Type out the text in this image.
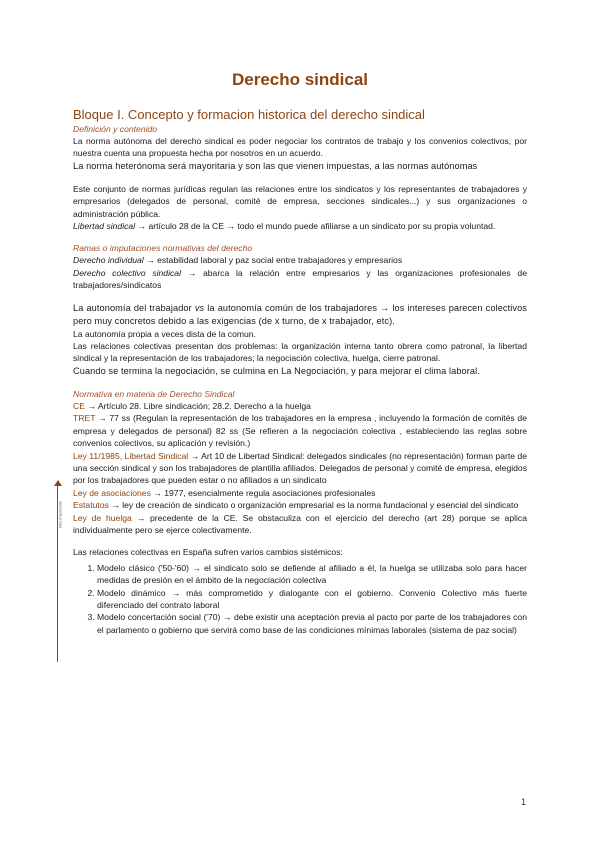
Derecho sindical
Más importante
Bloque I. Concepto y formacion historica del derecho sindical
Definición y contenido

La norma autónoma del derecho sindical es poder negociar los contratos de trabajo y los convenios colectivos, por nuestra cuenta una propuesta hecha por nosotros en un acuerdo.

La norma heterónoma será mayoritaria y son las que vienen impuestas, a las normas autónomas

Este conjunto de normas jurídicas regulan las relaciones entre los sindicatos y los representantes de trabajadores y empresarios (delegados de personal, comité de empresa, secciones sindicales...) y sus organizaciones o administración pública.

Libertad sindical → artículo 28 de la CE → todo el mundo puede afiliarse a un sindicato por su propia voluntad.

Ramas o imputaciones normativas del derecho

Derecho individual → estabilidad laboral y paz social entre trabajadores y empresarios

Derecho colectivo sindical → abarca la relación entre empresarios y las organizaciones profesionales de trabajadores/sindicatos

La autonomía del trabajador vs la autonomía común de los trabajadores → los intereses parecen colectivos pero muy concretos debido a las exigencias (de x turno, de x trabajador, etc).

La autonomía propia a veces dista de la comun.

Las relaciones colectivas presentan dos problemas: la organización interna tanto obrera como patronal, la libertad sindical y la representación de los trabajadores; la negociación colectiva, huelga, cierre patronal.

Cuando se termina la negociación, se culmina en La Negociación, y para mejorar el clima laboral.

Normativa en materia de Derecho Sindical

CE → Artículo 28. Libre sindicación; 28.2. Derecho a la huelga

TRET → 77 ss (Regulan la representación de los trabajadores en la empresa , incluyendo la formación de comités de empresa y delegados de personal) 82 ss (Se refieren a la negociación colectiva , estableciendo las reglas sobre convenios colectivos, su aplicación y revisión.)

Ley 11/1985, Libertad Sindical → Art 10 de Libertad Sindical: delegados sindicales (no representación) forman parte de una sección sindical y son los trabajadores de plantilla afiliados. Delegados de personal y comité de empresa, elegidos por los trabajadores que pueden estar o no afiliados a un sindicato

Ley de asociaciones → 1977, esencialmente regula asociaciones profesionales

Estatutos → ley de creación de sindicato o organización empresarial es la norma fundacional y esencial del sindicato

Ley de huelga → precedente de la CE. Se obstaculiza con el ejercicio del derecho (art 28) porque se aplica individualmente pero se ejerce colectivamente.

Las relaciones colectivas en España sufren varios cambios sistémicos:

1. Modelo clásico ('50-'60) → el sindicato solo se defiende al afiliado a él, la huelga se utilizaba solo para hacer medidas de presión en el ámbito de la negociación colectiva
2. Modelo dinámico → más comprometido y dialogante con el gobierno. Convenio Colectivo más fuerte diferenciado del contrato laboral
3. Modelo concertación social ('70) → debe existir una aceptación previa al pacto por parte de los trabajadores con el parlamento o gobierno que servirá como base de las condiciones mínimas laborales (sistema de paz social)
1
